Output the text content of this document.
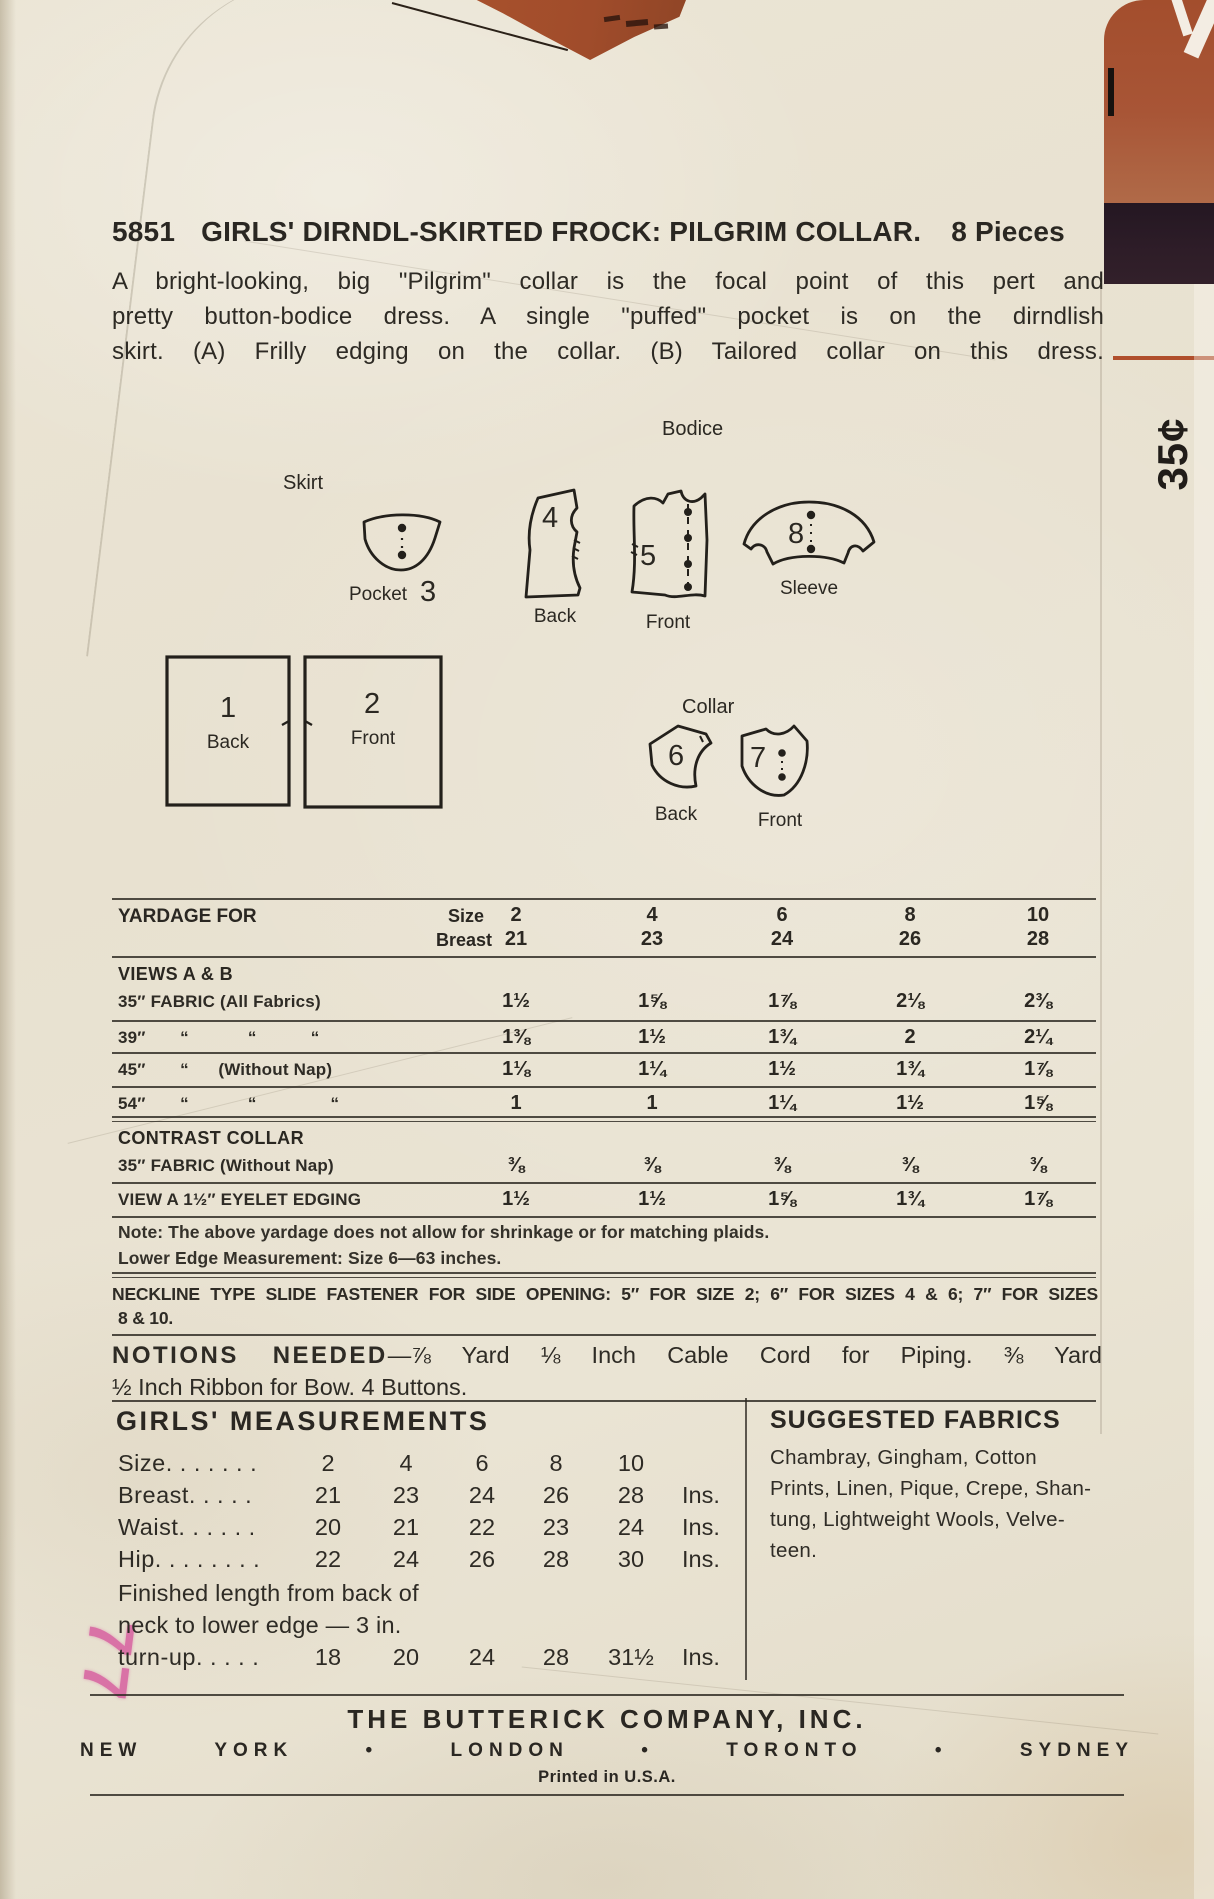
35¢
77
5851 GIRLS' DIRNDL-SKIRTED FROCK: PILGRIM COLLAR. 8 Pieces
A bright-looking, big "Pilgrim" collar is the focal point of this pert and
pretty button-bodice dress. A single "puffed" pocket is on the dirndlish
skirt. (A) Frilly edging on the collar. (B) Tailored collar on this dress.
Bodice
Skirt
Collar
Pocket 3
4
Back
5
Front
8
Sleeve
1
Back
2
Front
6
Back
7
Front
YARDAGE FOR	Size 2	4	6	8	10
Breast 21	23	24	26	28
VIEWS A & B
35″ FABRIC (All Fabrics)	1½	1⅝	1⅞	2⅛	2⅜
39″       “            “           “	1⅜	1½	1¾	2	2¼
45″       “      (Without Nap)	1⅛	1¼	1½	1¾	1⅞
54″       “            “               “	1	1	1¼	1½	1⅝
CONTRAST COLLAR
35″ FABRIC (Without Nap)	⅜	⅜	⅜	⅜	⅜
VIEW A 1½″ EYELET EDGING	1½	1½	1⅝	1¾	1⅞
Note: The above yardage does not allow for shrinkage or for matching plaids.
Lower Edge Measurement: Size 6—63 inches.
NECKLINE TYPE SLIDE FASTENER FOR SIDE OPENING: 5″ FOR SIZE 2; 6″ FOR SIZES 4 & 6; 7″ FOR SIZES
8 & 10.
NOTIONS NEEDED—⅞ Yard ⅛ Inch Cable Cord for Piping. ⅜ Yard
½ Inch Ribbon for Bow. 4 Buttons.
GIRLS' MEASUREMENTS
Size. . . . . . .	2	4	6	8 10
Breast. . . . .	21 23 24 26 28 Ins.
Waist. . . . . .	20 21 22 23 24 Ins.
Hip. . . . . . . . 22 24 26 28 30 Ins.
Finished length from back of
neck to lower edge — 3 in.
turn-up. . . . . 18 20 24 28 31½ Ins.
SUGGESTED FABRICS
Chambray, Gingham, Cotton
Prints, Linen, Pique, Crepe, Shan-
tung, Lightweight Wools, Velve-
teen.
THE BUTTERICK COMPANY, INC.
NEW YORK • LONDON • TORONTO • SYDNEY
Printed in U.S.A.
